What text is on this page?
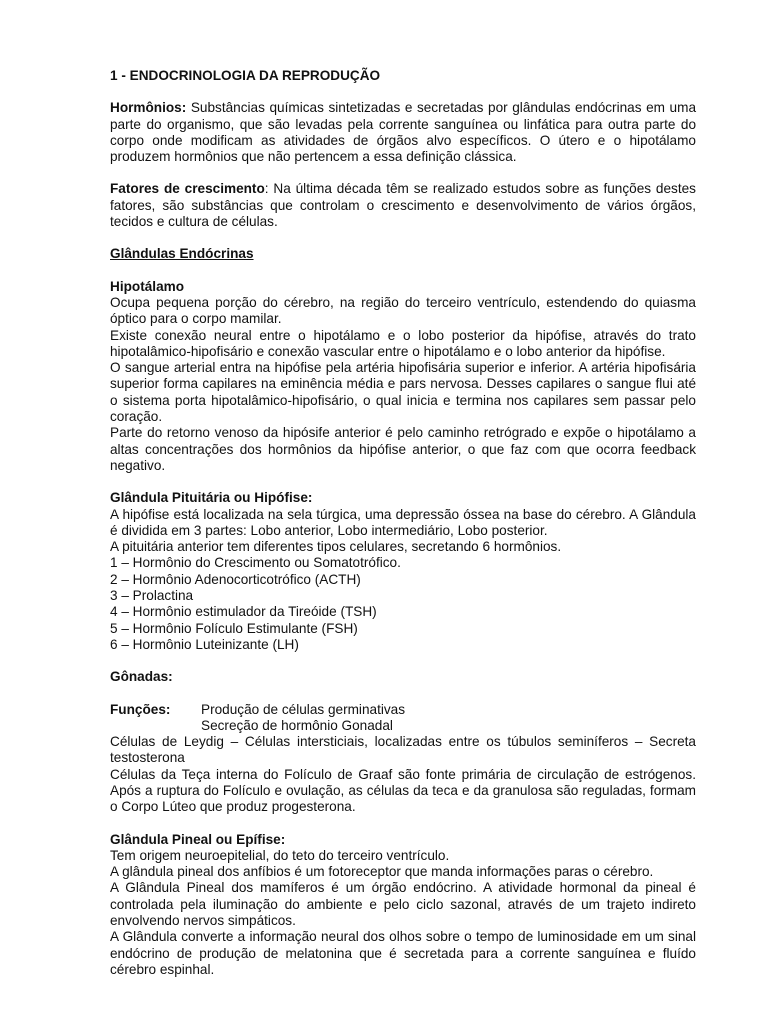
1 - ENDOCRINOLOGIA DA REPRODUÇÃO

Hormônios: Substâncias químicas sintetizadas e secretadas por glândulas endócrinas em uma parte do organismo, que são levadas pela corrente sanguínea ou linfática para outra parte do corpo onde modificam as atividades de órgãos alvo específicos. O útero e o hipotálamo produzem hormônios que não pertencem a essa definição clássica.

Fatores de crescimento: Na última década têm se realizado estudos sobre as funções destes fatores, são substâncias que controlam o crescimento e desenvolvimento de vários órgãos, tecidos e cultura de células.

Glândulas Endócrinas

Hipotálamo

Ocupa pequena porção do cérebro, na região do terceiro ventrículo, estendendo do quiasma óptico para o corpo mamilar.

Existe conexão neural entre o hipotálamo e o lobo posterior da hipófise, através do trato hipotalâmico-hipofisário e conexão vascular entre o hipotálamo e o lobo anterior da hipófise.

O sangue arterial entra na hipófise pela artéria hipofisária superior e inferior. A artéria hipofisária superior forma capilares na eminência média e pars nervosa. Desses capilares o sangue flui até o sistema porta hipotalâmico-hipofisário, o qual inicia e termina nos capilares sem passar pelo coração.

Parte do retorno venoso da hipósife anterior é pelo caminho retrógrado e expõe o hipotálamo a altas concentrações dos hormônios da hipófise anterior, o que faz com que ocorra feedback negativo.

Glândula Pituitária ou Hipófise:

A hipófise está localizada na sela túrgica, uma depressão óssea na base do cérebro. A Glândula é dividida em 3 partes: Lobo anterior, Lobo intermediário, Lobo posterior.

A pituitária anterior tem diferentes tipos celulares, secretando 6 hormônios.

1 – Hormônio do Crescimento ou Somatotrófico.

2 – Hormônio Adenocorticotrófico (ACTH)

3 – Prolactina

4 – Hormônio estimulador da Tireóide (TSH)

5 – Hormônio Folículo Estimulante (FSH)

6 – Hormônio Luteinizante (LH)

Gônadas:

Funções:	Produção de células germinativas
Secreção de hormônio Gonadal

Células de Leydig – Células intersticiais, localizadas entre os túbulos seminíferos – Secreta testosterona

Células da Teça interna do Folículo de Graaf são fonte primária de circulação de estrógenos. Após a ruptura do Folículo e ovulação, as células da teca e da granulosa são reguladas, formam o Corpo Lúteo que produz progesterona.

Glândula Pineal ou Epífise:

Tem origem neuroepitelial, do teto do terceiro ventrículo.

A glândula pineal dos anfíbios é um fotoreceptor que manda informações paras o cérebro.

A Glândula Pineal dos mamíferos é um órgão endócrino. A atividade hormonal da pineal é controlada pela iluminação do ambiente e pelo ciclo sazonal, através de um trajeto indireto envolvendo nervos simpáticos.

A Glândula converte a informação neural dos olhos sobre o tempo de luminosidade em um sinal endócrino de produção de melatonina que é secretada para a corrente sanguínea e fluído cérebro espinhal.
